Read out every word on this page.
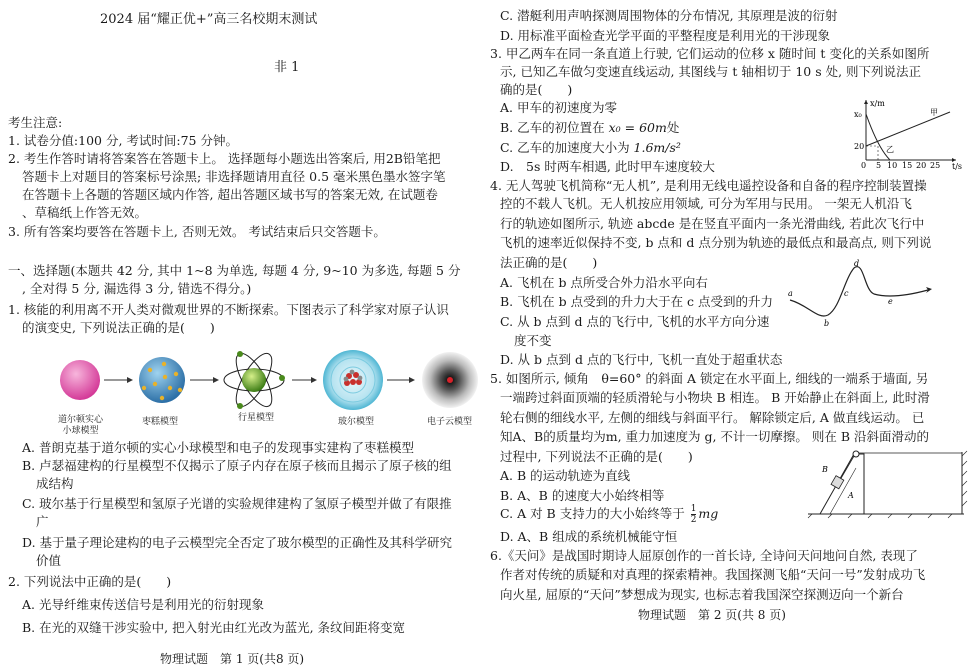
2024 届“耀正优+”高三名校期末测试
非 1
考生注意:
1. 试卷分值:100 分, 考试时间:75 分钟。
2. 考生作答时请将答案答在答题卡上。 选择题每小题选出答案后, 用2B铅笔把
答题卡上对题目的答案标号涂黑; 非选择题请用直径 0.5 毫米黑色墨水签字笔
在答题卡上各题的答题区域内作答, 超出答题区域书写的答案无效, 在试题卷
、草稿纸上作答无效。
3. 所有答案均要答在答题卡上, 否则无效。 考试结束后只交答题卡。
一、选择题(本题共 42 分, 其中 1~8 为单选, 每题 4 分, 9~10 为多选, 每题 5 分
, 全对得 5 分, 漏选得 3 分, 错选不得分。)
1. 核能的利用离不开人类对微观世界的不断探索。下图表示了科学家对原子认识
的演变史, 下列说法正确的是(　　)
道尔顿实心
小球模型
枣糕模型	行星模型	玻尔模型	电子云模型
A. 普朗克基于道尔顿的实心小球模型和电子的发现事实建构了枣糕模型
B. 卢瑟福建构的行星模型不仅揭示了原子内存在原子核而且揭示了原子核的组
成结构
C. 玻尔基于行星模型和氢原子光谱的实验规律建构了氢原子模型并做了有限推
广
D. 基于量子理论建构的电子云模型完全否定了玻尔模型的正确性及其科学研究
价值
2. 下列说法中正确的是(　　)
A. 光导纤维束传送信号是利用光的衍射现象
B. 在光的双缝干涉实验中, 把入射光由红光改为蓝光, 条纹间距将变宽
物理试题　第 1 页(共8 页)
C. 潜艇利用声呐探测周围物体的分布情况, 其原理是波的衍射
D. 用标准平面检查光学平面的平整程度是利用光的干涉现象
3. 甲乙两车在同一条直道上行驶, 它们运动的位移 x 随时间 t 变化的关系如图所
示, 已知乙车做匀变速直线运动, 其图线与 t 轴相切于 10 s 处, 则下列说法正
确的是(　　)
A. 甲车的初速度为零
B. 乙车的初位置在 x₀ = 60m处
C. 乙车的加速度大小为 1.6m/s²
D.　5s 时两车相遇, 此时甲车速度较大
x/m
t/s
x₀
20
0 5 10 15 20 25
甲
乙
4. 无人驾驶飞机简称“无人机”, 是利用无线电遥控设备和自备的程序控制装置操
控的不载人飞机。无人机按应用领域, 可分为军用与民用。 一架无人机沿飞
行的轨迹如图所示, 轨迹 abcde 是在竖直平面内一条光滑曲线, 若此次飞行中
飞机的速率近似保持不变, b 点和 d 点分别为轨迹的最低点和最高点, 则下列说
法正确的是(　　)
A. 飞机在 b 点所受合外力沿水平向右
B. 飞机在 b 点受到的升力大于在 c 点受到的升力
C. 从 b 点到 d 点的飞行中, 飞机的水平方向分速
度不变
D. 从 b 点到 d 点的飞行中, 飞机一直处于超重状态
a
b
c
d
e
5. 如图所示, 倾角　θ=60° 的斜面 A 锁定在水平面上, 细线的一端系于墙面, 另
一端跨过斜面顶端的轻质滑轮与小物块 B 相连。 B 开始静止在斜面上, 此时滑
轮右侧的细线水平, 左侧的细线与斜面平行。 解除锁定后, A 做直线运动。 已
知A、B的质量均为m, 重力加速度为 g, 不计一切摩擦。 则在 B 沿斜面滑动的
过程中, 下列说法不正确的是(　　)
A. B 的运动轨迹为直线
B. A、B 的速度大小始终相等
C. A 对 B 支持力的大小始终等于 $\frac{1}{2}$ mg
D. A、B 组成的系统机械能守恒
B
A
6.《天问》是战国时期诗人屈原创作的一首长诗, 全诗问天问地问自然, 表现了
作者对传统的质疑和对真理的探索精神。我国探测飞船“天问一号”发射成功飞
向火星, 屈原的“天问”梦想成为现实, 也标志着我国深空探测迈向一个新台
物理试题　第 2 页(共 8 页)
